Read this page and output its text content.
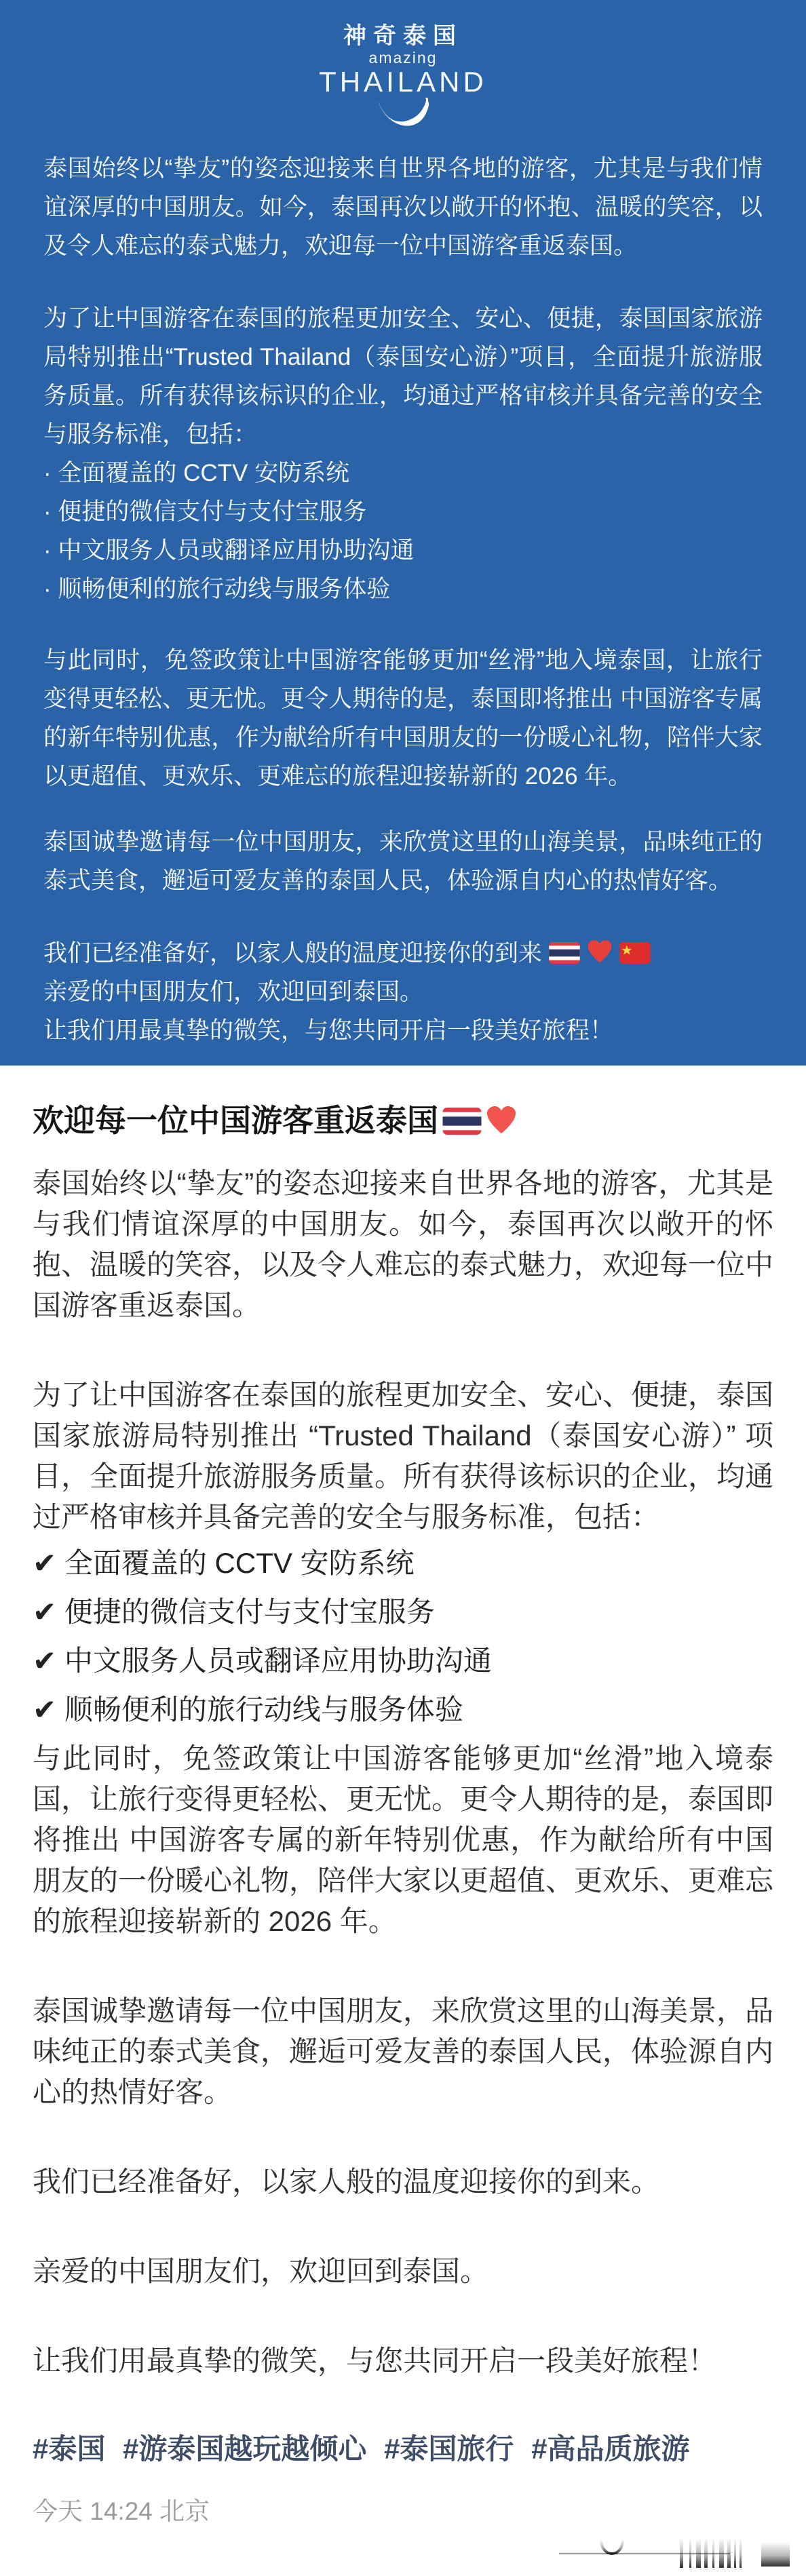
神奇泰国
amazing
THAILAND

泰国始终以“挚友”的姿态迎接来自世界各地的游客，尤其是与我们情谊深厚的中国朋友。如今，泰国再次以敞开的怀抱、温暖的笑容，以及令人难忘的泰式魅力，欢迎每一位中国游客重返泰国。

为了让中国游客在泰国的旅程更加安全、安心、便捷，泰国国家旅游局特别推出“Trusted Thailand（泰国安心游）”项目，全面提升旅游服务质量。所有获得该标识的企业，均通过严格审核并具备完善的安全与服务标准，包括：

· 全面覆盖的 CCTV 安防系统
· 便捷的微信支付与支付宝服务
· 中文服务人员或翻译应用协助沟通
· 顺畅便利的旅行动线与服务体验

与此同时，免签政策让中国游客能够更加“丝滑”地入境泰国，让旅行变得更轻松、更无忧。更令人期待的是，泰国即将推出 中国游客专属的新年特别优惠，作为献给所有中国朋友的一份暖心礼物，陪伴大家以更超值、更欢乐、更难忘的旅程迎接崭新的 2026 年。

泰国诚挚邀请每一位中国朋友，来欣赏这里的山海美景，品味纯正的泰式美食，邂逅可爱友善的泰国人民，体验源自内心的热情好客。

我们已经准备好，以家人般的温度迎接你的到来
亲爱的中国朋友们，欢迎回到泰国。
让我们用最真挚的微笑，与您共同开启一段美好旅程！
欢迎每一位中国游客重返泰国

泰国始终以“挚友”的姿态迎接来自世界各地的游客，尤其是与我们情谊深厚的中国朋友。如今，泰国再次以敞开的怀抱、温暖的笑容，以及令人难忘的泰式魅力，欢迎每一位中国游客重返泰国。

为了让中国游客在泰国的旅程更加安全、安心、便捷，泰国国家旅游局特别推出 “Trusted Thailand（泰国安心游）” 项目，全面提升旅游服务质量。所有获得该标识的企业，均通过严格审核并具备完善的安全与服务标准，包括：

✔ 全面覆盖的 CCTV 安防系统
✔ 便捷的微信支付与支付宝服务
✔ 中文服务人员或翻译应用协助沟通
✔ 顺畅便利的旅行动线与服务体验

与此同时，免签政策让中国游客能够更加“丝滑”地入境泰国，让旅行变得更轻松、更无忧。更令人期待的是，泰国即将推出 中国游客专属的新年特别优惠，作为献给所有中国朋友的一份暖心礼物，陪伴大家以更超值、更欢乐、更难忘的旅程迎接崭新的 2026 年。

泰国诚挚邀请每一位中国朋友，来欣赏这里的山海美景，品味纯正的泰式美食，邂逅可爱友善的泰国人民，体验源自内心的热情好客。

我们已经准备好，以家人般的温度迎接你的到来。

亲爱的中国朋友们，欢迎回到泰国。

让我们用最真挚的微笑，与您共同开启一段美好旅程！

#泰国 #游泰国越玩越倾心 #泰国旅行 #高品质旅游
今天 14:24 北京
